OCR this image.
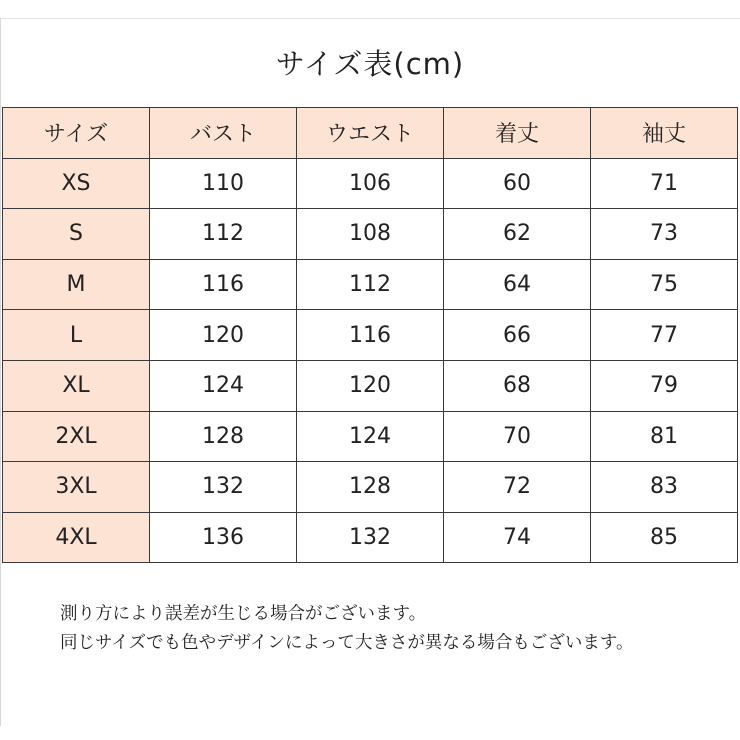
サイズ表(cm)
サイズ	バスト	ウエスト	着丈	袖丈
XS	110	106	60	71
S	112	108	62	73
M	116	112	64	75
L	120	116	66	77
XL	124	120	68	79
2XL	128	124	70	81
3XL	132	128	72	83
4XL	136	132	74	85
測り方により誤差が生じる場合がございます。
同じサイズでも色やデザインによって大きさが異なる場合もございます。
